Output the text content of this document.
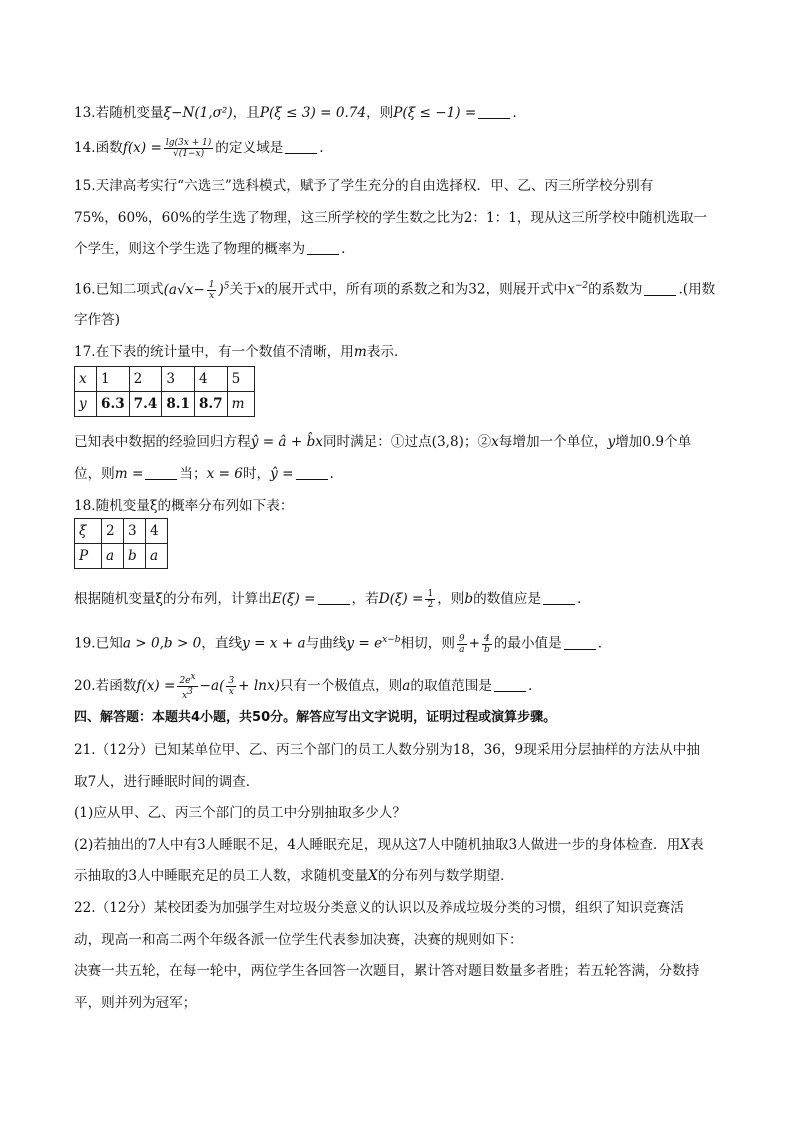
13.若随机变量ξ−N(1,σ²)，且P(ξ ≤ 3) = 0.74，则P(ξ ≤ −1) =	.
14.函数$f(x) = \frac{\lg(3x + 1)}{√(1-x)}$ 的定义域是	.
15.天津高考实行“六选三”选科模式，赋予了学生充分的自由选择权．甲、乙、丙三所学校分别有
75%，60%，60%的学生选了物理，这三所学校的学生数之比为2：1：1，现从这三所学校中随机选取一
个学生，则这个学生选了物理的概率为	.
16.已知二项式$(a√x- \frac{1}{x} )^5$关于x的展开式中，所有项的系数之和为32，则展开式中$x^{-2}$的系数为	.(用数
字作答)
17.在下表的统计量中，有一个数值不清晰，用m表示．
x	1	2	3	4	5
y	6.3	7.4	8.1	8.7	m
已知表中数据的经验回归方程ŷ = â + b̂x同时满足：①过点(3,8)；②x每增加一个单位，y增加0.9个单
位，则m =	当；x = 6时，ŷ =	.
18.随机变量ξ的概率分布列如下表：
ξ	2	3	4
P	a	b	a
根据随机变量ξ的分布列，计算出E(ξ) =	，若$D(\xi) = \frac{1}{2}$ ，则b的数值应是	.
19.已知a > 0,b > 0，直线y = x + a与曲线$y = e^{x-b}$相切，则 $\frac{9}{a} + \frac{4}{b}$ 的最小值是	.
20.若函数$f(x) = \frac{2e^x}{x^3} -a( \frac{3}{x} + \ln x)$只有一个极值点，则a的取值范围是	.
四、解答题：本题共4小题，共50分。解答应写出文字说明，证明过程或演算步骤。
21.（12分）已知某单位甲、乙、丙三个部门的员工人数分别为18，36，9现采用分层抽样的方法从中抽
取7人，进行睡眠时间的调查．
(1)应从甲、乙、丙三个部门的员工中分别抽取多少人？
(2)若抽出的7人中有3人睡眠不足，4人睡眠充足，现从这7人中随机抽取3人做进一步的身体检查．用X表
示抽取的3人中睡眠充足的员工人数，求随机变量X的分布列与数学期望．
22.（12分）某校团委为加强学生对垃圾分类意义的认识以及养成垃圾分类的习惯，组织了知识竞赛活
动，现高一和高二两个年级各派一位学生代表参加决赛，决赛的规则如下：
决赛一共五轮，在每一轮中，两位学生各回答一次题目，累计答对题目数量多者胜；若五轮答满，分数持
平，则并列为冠军；
